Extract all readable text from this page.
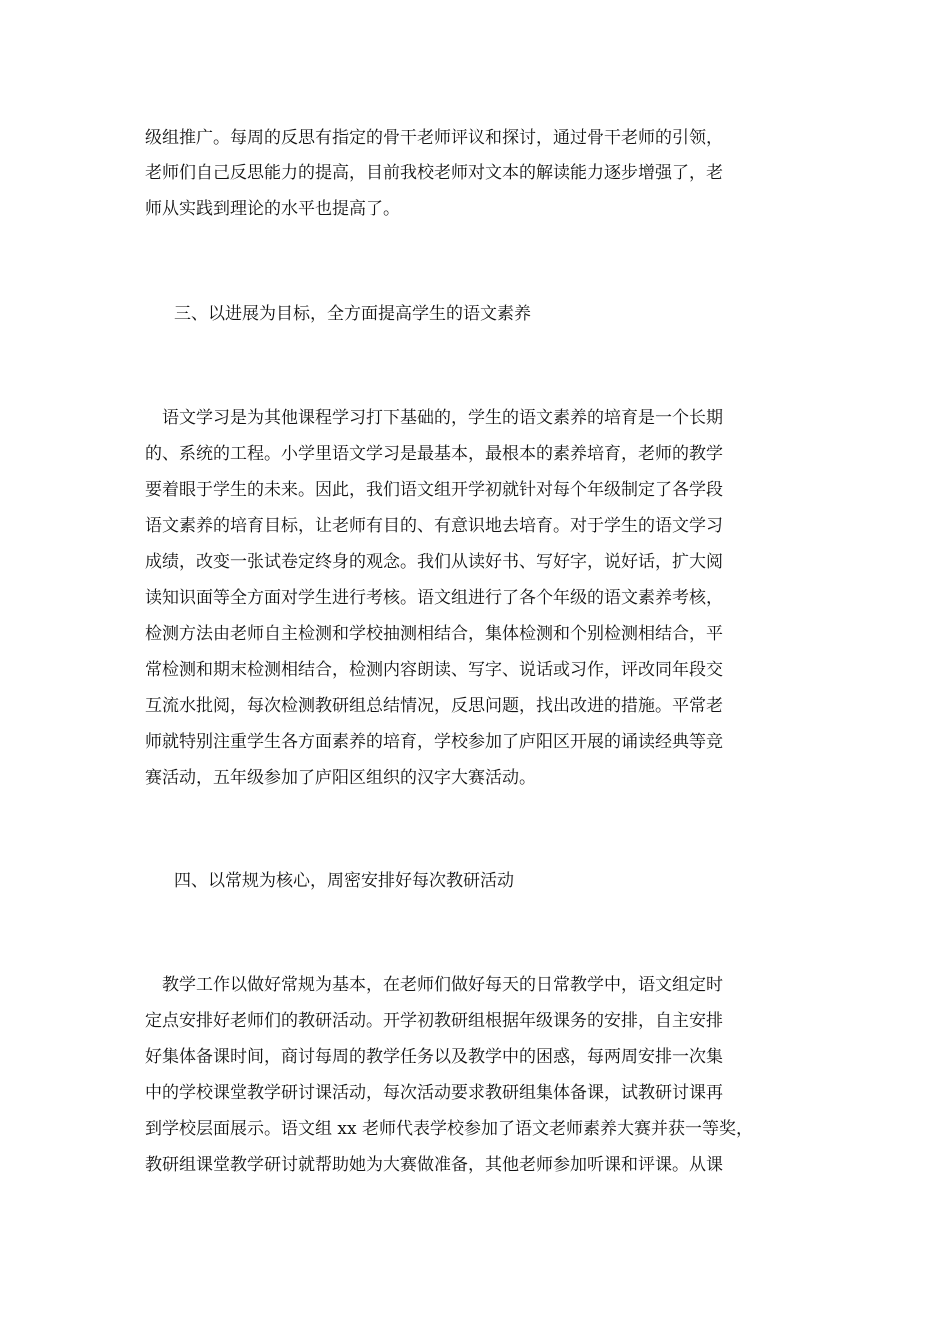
级组推广。每周的反思有指定的骨干老师评议和探讨，通过骨干老师的引领，
老师们自己反思能力的提高，目前我校老师对文本的解读能力逐步增强了，老
师从实践到理论的水平也提高了。
三、以进展为目标，全方面提高学生的语文素养
　语文学习是为其他课程学习打下基础的，学生的语文素养的培育是一个长期
的、系统的工程。小学里语文学习是最基本，最根本的素养培育，老师的教学
要着眼于学生的未来。因此，我们语文组开学初就针对每个年级制定了各学段
语文素养的培育目标，让老师有目的、有意识地去培育。对于学生的语文学习
成绩，改变一张试卷定终身的观念。我们从读好书、写好字，说好话，扩大阅
读知识面等全方面对学生进行考核。语文组进行了各个年级的语文素养考核，
检测方法由老师自主检测和学校抽测相结合，集体检测和个别检测相结合，平
常检测和期末检测相结合，检测内容朗读、写字、说话或习作，评改同年段交
互流水批阅，每次检测教研组总结情况，反思问题，找出改进的措施。平常老
师就特别注重学生各方面素养的培育，学校参加了庐阳区开展的诵读经典等竞
赛活动，五年级参加了庐阳区组织的汉字大赛活动。
四、以常规为核心，周密安排好每次教研活动
　教学工作以做好常规为基本，在老师们做好每天的日常教学中，语文组定时
定点安排好老师们的教研活动。开学初教研组根据年级课务的安排，自主安排
好集体备课时间，商讨每周的教学任务以及教学中的困惑，每两周安排一次集
中的学校课堂教学研讨课活动，每次活动要求教研组集体备课，试教研讨课再
到学校层面展示。语文组 xx 老师代表学校参加了语文老师素养大赛并获一等奖，
教研组课堂教学研讨就帮助她为大赛做准备，其他老师参加听课和评课。从课
